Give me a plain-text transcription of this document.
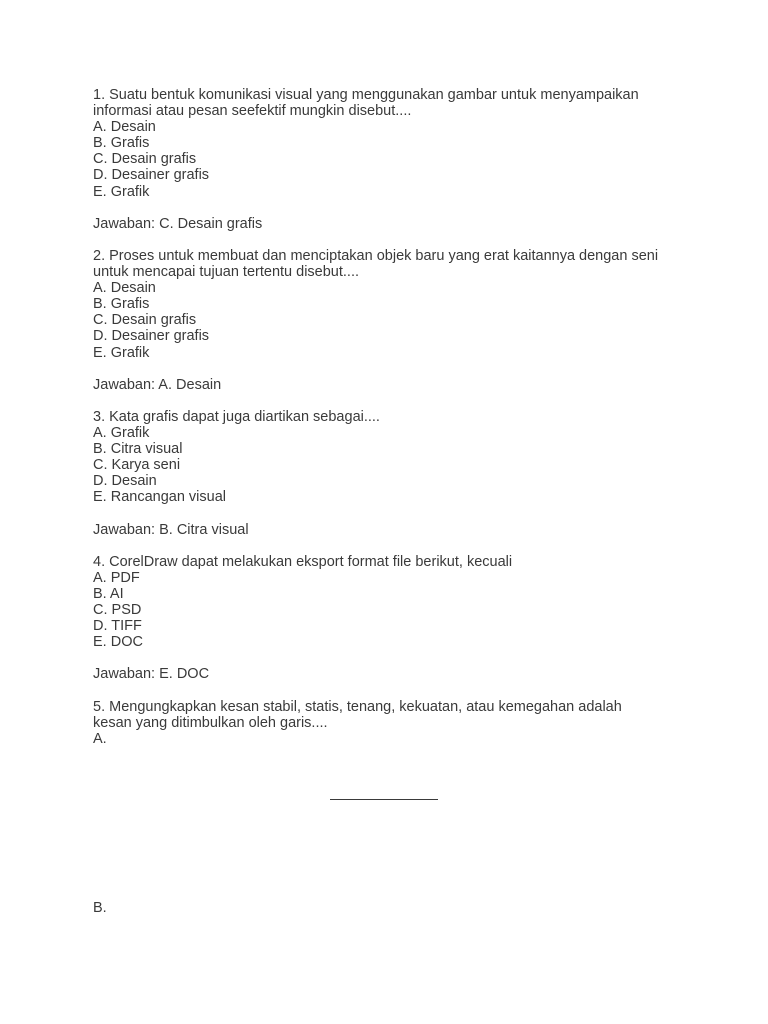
1. Suatu bentuk komunikasi visual yang menggunakan gambar untuk menyampaikan
informasi atau pesan seefektif mungkin disebut....
A. Desain
B. Grafis
C. Desain grafis
D. Desainer grafis
E. Grafik
Jawaban: C. Desain grafis
2. Proses untuk membuat dan menciptakan objek baru yang erat kaitannya dengan seni
untuk mencapai tujuan tertentu disebut....
A. Desain
B. Grafis
C. Desain grafis
D. Desainer grafis
E. Grafik
Jawaban: A. Desain
3. Kata grafis dapat juga diartikan sebagai....
A. Grafik
B. Citra visual
C. Karya seni
D. Desain
E. Rancangan visual
Jawaban: B. Citra visual
4. CorelDraw dapat melakukan eksport format file berikut, kecuali
A. PDF
B. AI
C. PSD
D. TIFF
E. DOC
Jawaban: E. DOC
5. Mengungkapkan kesan stabil, statis, tenang, kekuatan, atau kemegahan adalah
kesan yang ditimbulkan oleh garis....
A.
B.
